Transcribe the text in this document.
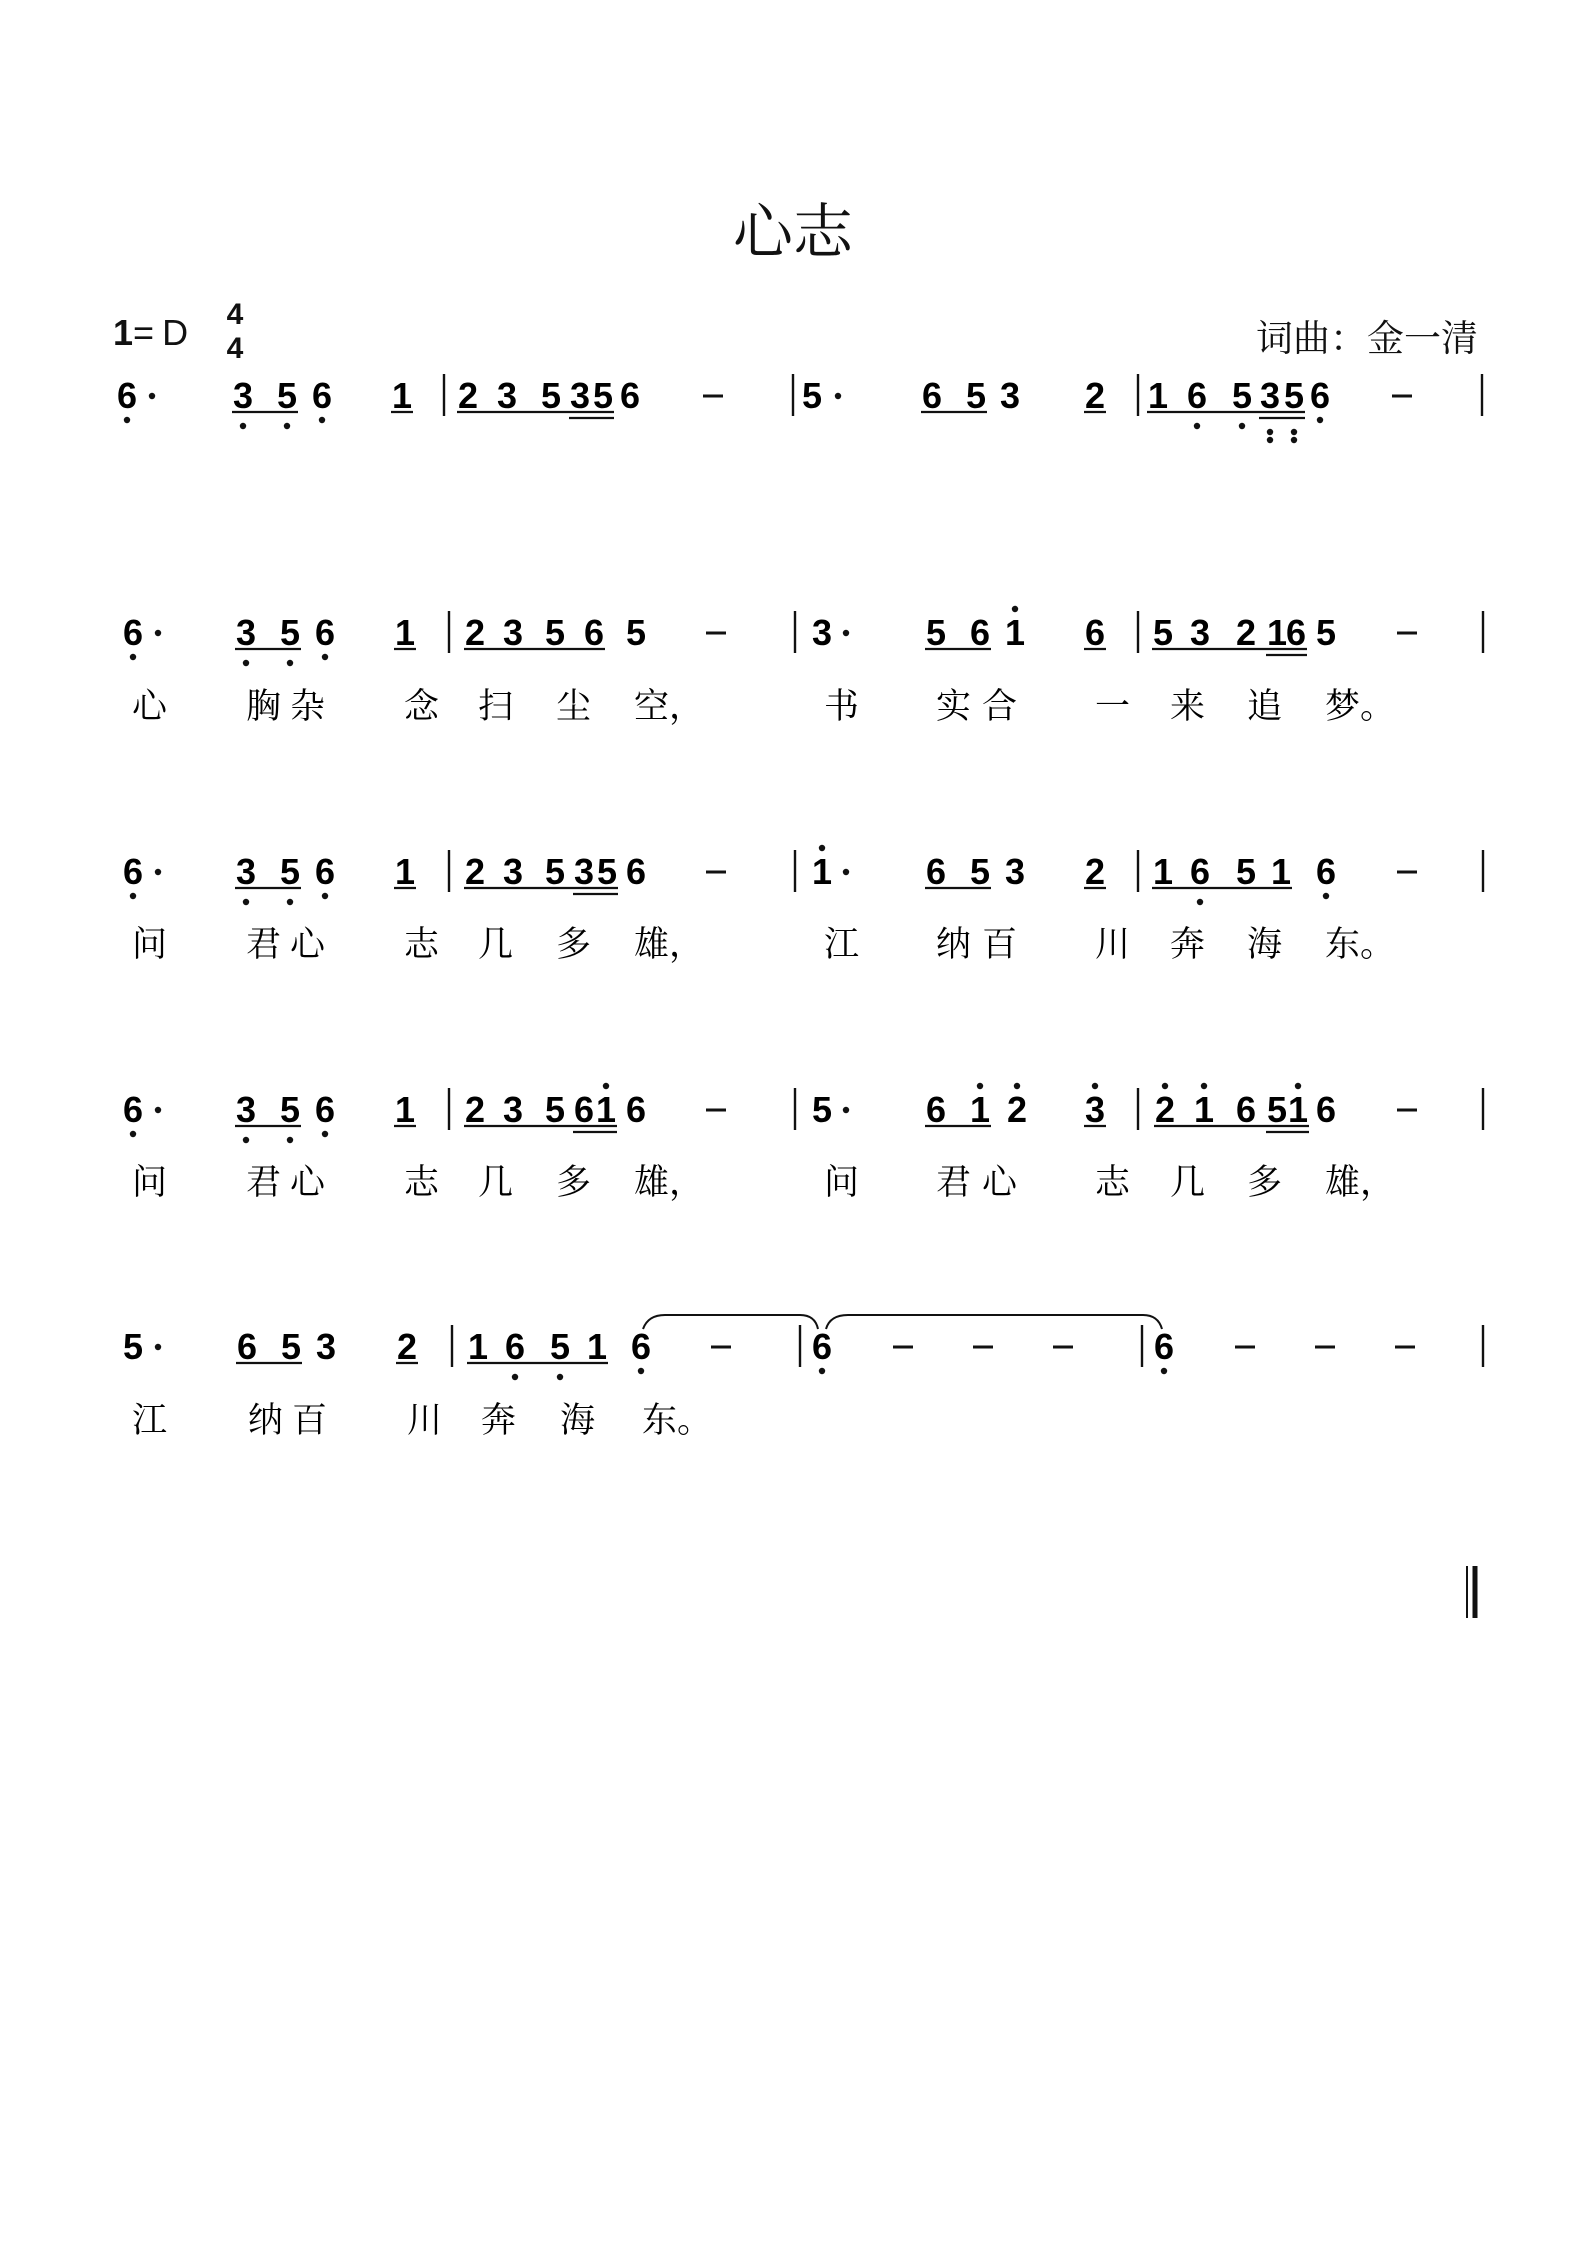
心志
1= D 4
4	词曲：金一清
6	3 5 6 1 2 3 5 3 5 6	5	6 5 3 2 1 6 5 3 5 6
6	3 5 6 1 2 3 5 6 5	3	5 6 1 6 5 3 2 1
6 5
心 胸 杂 念 扫 尘 空，	书 实 合 一 来 追 梦。
6	3 5 6 1 2 3 5 3 5 6	1	6 5 3 2 1 6 5 1 6
问 君 心 志 几 多 雄，	江 纳 百 川 奔 海 东。
6	3 5 6 1 2 3 5 6 1 6	5	6 1 2 3 2 1 6 5 1 6
问 君 心 志 几 多 雄，	问 君 心 志 几 多 雄，
5	6 5 3 2 1 6 5 1 6	6	6
江 纳 百 川 奔 海 东。
‖
